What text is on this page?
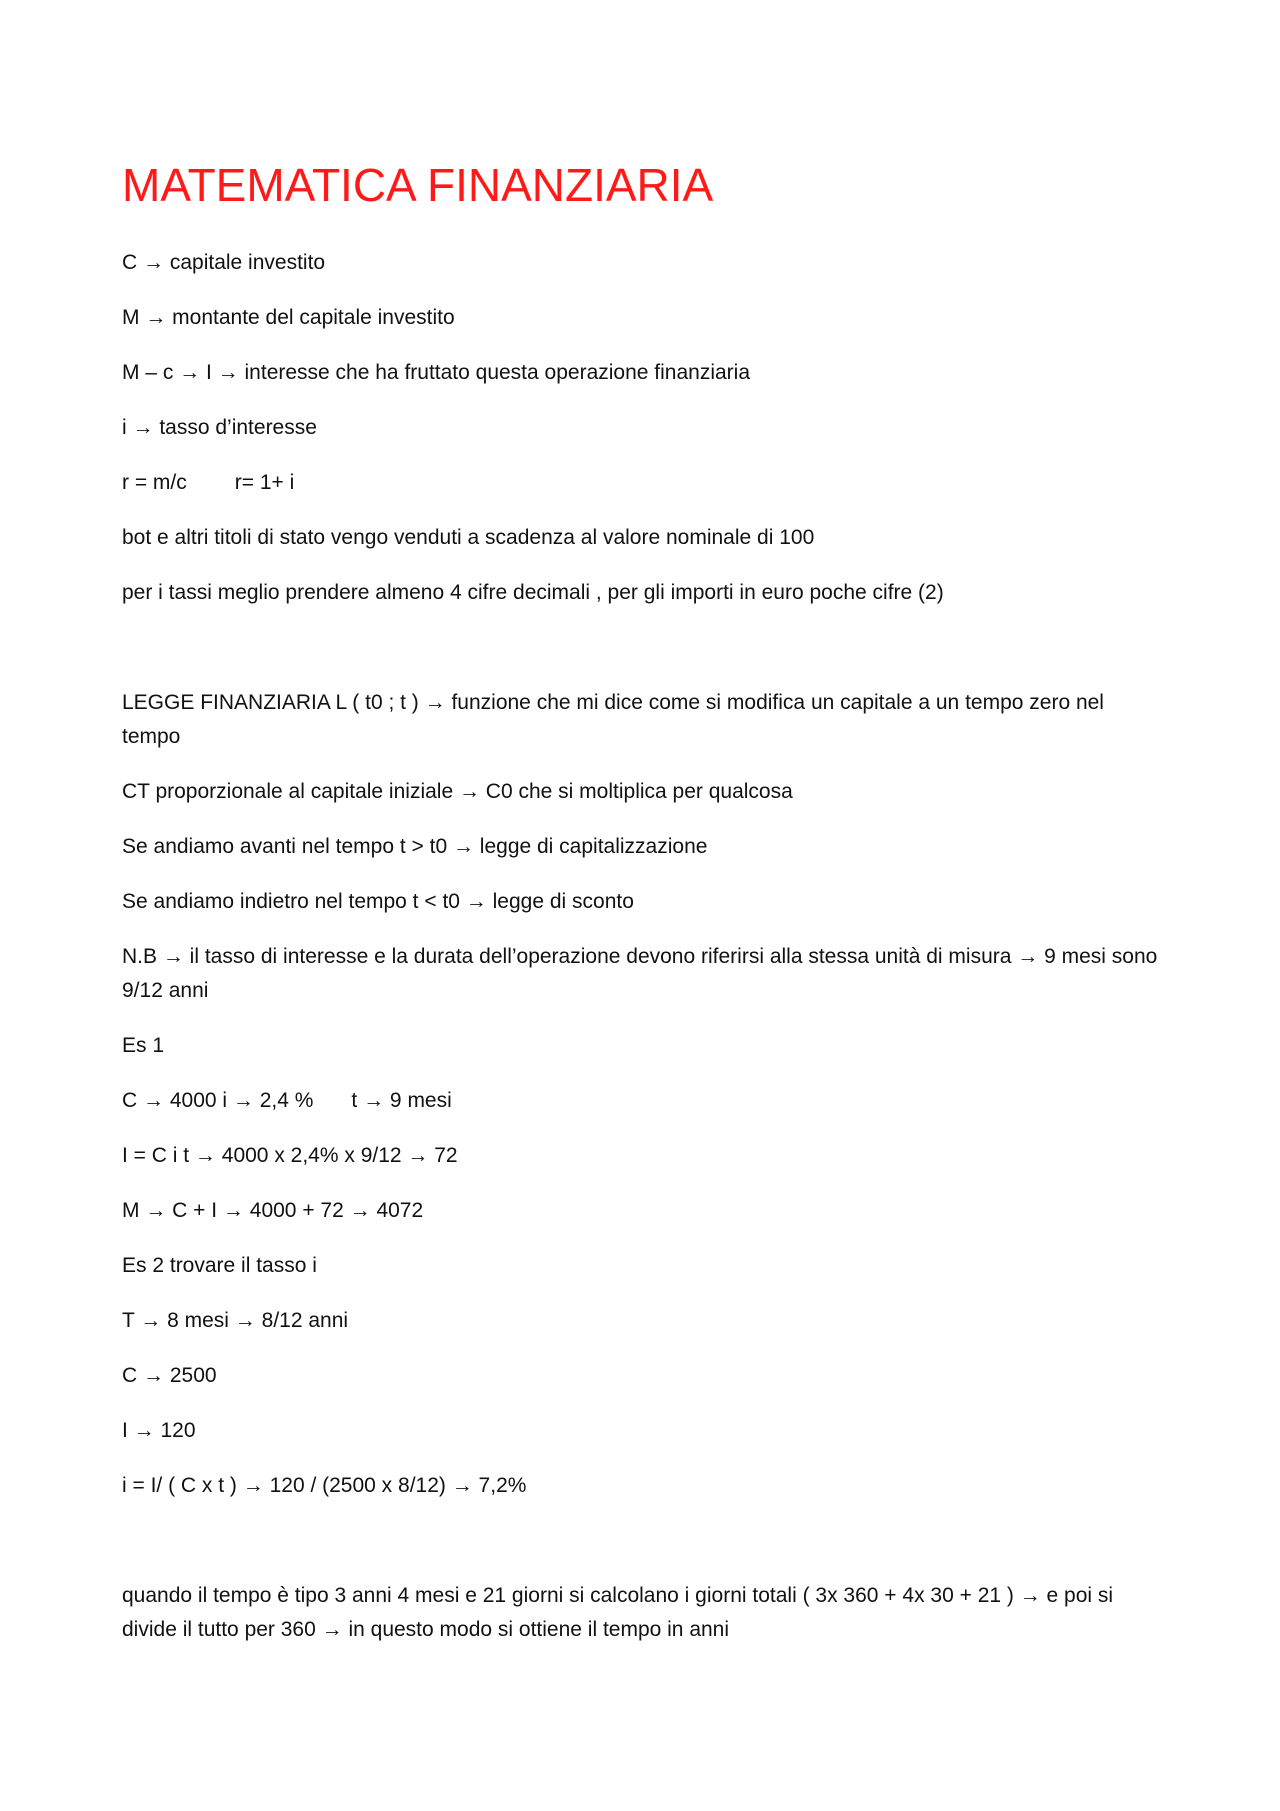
MATEMATICA FINANZIARIA
C → capitale investito
M → montante del capitale investito
M – c → I → interesse che ha fruttato questa operazione finanziaria
i → tasso d’interesse
r = m/c r= 1+ i
bot e altri titoli di stato vengo venduti a scadenza al valore nominale di 100
per i tassi meglio prendere almeno 4 cifre decimali , per gli importi in euro poche cifre (2)
LEGGE FINANZIARIA L ( t0 ; t ) → funzione che mi dice come si modifica un capitale a un tempo zero nel tempo
CT proporzionale al capitale iniziale → C0 che si moltiplica per qualcosa
Se andiamo avanti nel tempo t > t0 → legge di capitalizzazione
Se andiamo indietro nel tempo t < t0 → legge di sconto
N.B → il tasso di interesse e la durata dell’operazione devono riferirsi alla stessa unità di misura → 9 mesi sono 9/12 anni
Es 1
C → 4000 i → 2,4 % t → 9 mesi
I = C i t → 4000 x 2,4% x 9/12 → 72
M → C + I → 4000 + 72 → 4072
Es 2 trovare il tasso i
T → 8 mesi → 8/12 anni
C → 2500
I → 120
i = I/ ( C x t ) → 120 / (2500 x 8/12) → 7,2%
quando il tempo è tipo 3 anni 4 mesi e 21 giorni si calcolano i giorni totali ( 3x 360 + 4x 30 + 21 ) → e poi si divide il tutto per 360 → in questo modo si ottiene il tempo in anni
